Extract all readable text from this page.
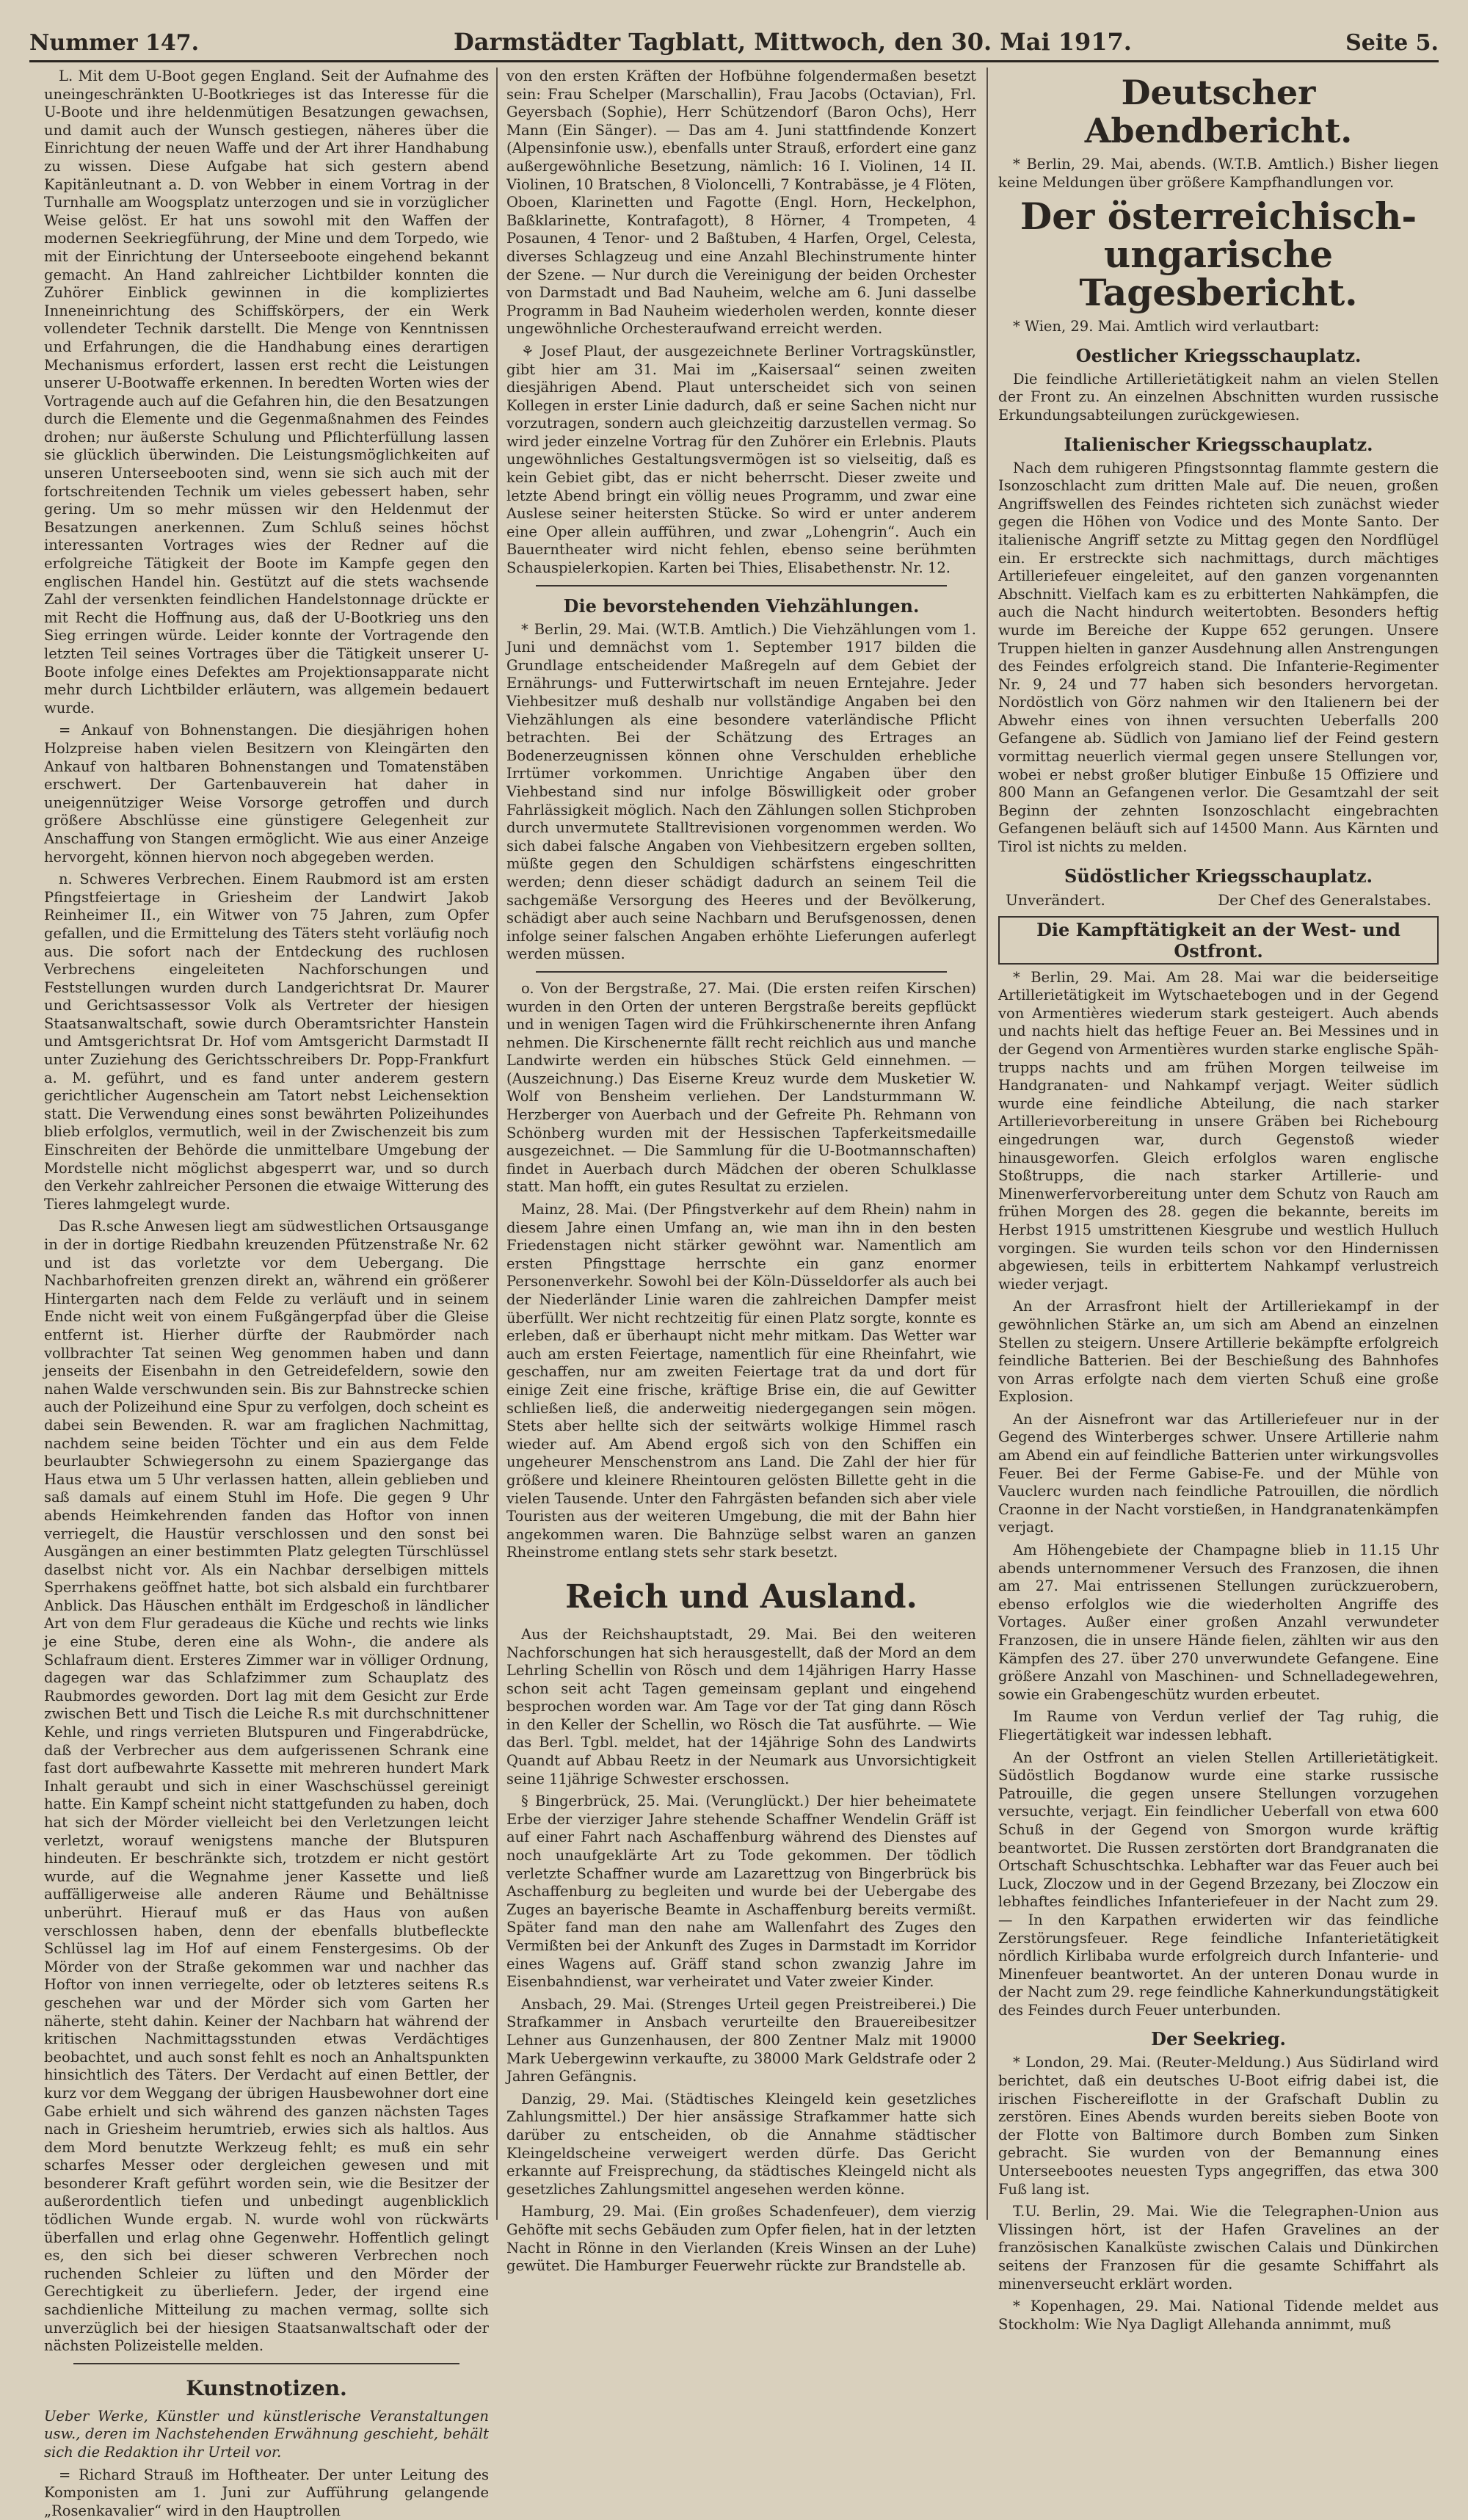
Nummer 147.	Darmstädter Tagblatt, Mittwoch, den 30. Mai 1917.	Seite 5.

L. Mit dem U-Boot gegen England. Seit der Aufnahme des uneingeschränkten U-Bootkrieges ist das Interesse für die U-Boote und ihre heldenmütigen Besatzungen gewachsen, und damit auch der Wunsch gestiegen, näheres über die Einrichtung der neuen Waffe und der Art ihrer Handhabung zu wissen. Diese Aufgabe hat sich gestern abend Kapitänleutnant a. D. von Webber in einem Vortrag in der Turnhalle am Woogsplatz unterzogen und sie in vorzüglicher Weise gelöst. Er hat uns sowohl mit den Waffen der modernen Seekriegführung, der Mine und dem Torpedo, wie mit der Einrichtung der Unterseeboote eingehend bekannt gemacht. An Hand zahlreicher Lichtbilder konnten die Zuhörer Einblick gewinnen in die kompliziertes Inneneinrichtung des Schiffskörpers, der ein Werk vollendeter Technik darstellt. Die Menge von Kenntnissen und Erfahrungen, die die Handhabung eines derartigen Mechanismus erfordert, lassen erst recht die Leistungen unserer U-Bootwaffe erkennen. In beredten Worten wies der Vortragende auch auf die Gefahren hin, die den Besatzungen durch die Elemente und die Gegenmaßnahmen des Feindes drohen; nur äußerste Schulung und Pflichterfüllung lassen sie glücklich überwinden. Die Leistungsmöglichkeiten auf unseren Unterseebooten sind, wenn sie sich auch mit der fortschreitenden Technik um vieles gebessert haben, sehr gering. Um so mehr müssen wir den Heldenmut der Besatzungen anerkennen. Zum Schluß seines höchst interessanten Vortrages wies der Redner auf die erfolgreiche Tätigkeit der Boote im Kampfe gegen den englischen Handel hin. Gestützt auf die stets wachsende Zahl der versenkten feindlichen Handelstonnage drückte er mit Recht die Hoffnung aus, daß der U-Bootkrieg uns den Sieg erringen würde. Leider konnte der Vortragende den letzten Teil seines Vortrages über die Tätigkeit unserer U-Boote infolge eines Defektes am Projektionsapparate nicht mehr durch Lichtbilder erläutern, was allgemein bedauert wurde.

= Ankauf von Bohnenstangen. Die diesjährigen hohen Holzpreise haben vielen Besitzern von Kleingärten den Ankauf von haltbaren Bohnenstangen und Tomatenstäben erschwert. Der Gartenbauverein hat daher in uneigennütziger Weise Vorsorge getroffen und durch größere Abschlüsse eine günstigere Gelegenheit zur Anschaffung von Stangen ermöglicht. Wie aus einer Anzeige hervorgeht, können hiervon noch abgegeben werden.

n. Schweres Verbrechen. Einem Raubmord ist am ersten Pfingstfeiertage in Griesheim der Landwirt Jakob Reinheimer II., ein Witwer von 75 Jahren, zum Opfer gefallen, und die Ermittelung des Täters steht vorläufig noch aus. Die sofort nach der Entdeckung des ruchlosen Verbrechens eingeleiteten Nachforschungen und Feststellungen wurden durch Landgerichtsrat Dr. Maurer und Gerichtsassessor Volk als Vertreter der hiesigen Staatsanwaltschaft, sowie durch Oberamtsrichter Hanstein und Amtsgerichtsrat Dr. Hof vom Amtsgericht Darmstadt II unter Zuziehung des Gerichtsschreibers Dr. Popp-Frankfurt a. M. geführt, und es fand unter anderem gestern gerichtlicher Augenschein am Tatort nebst Leichensektion statt. Die Verwendung eines sonst bewährten Polizeihundes blieb erfolglos, vermutlich, weil in der Zwischenzeit bis zum Einschreiten der Behörde die unmittelbare Umgebung der Mordstelle nicht möglichst abgesperrt war, und so durch den Verkehr zahlreicher Personen die etwaige Witterung des Tieres lahmgelegt wurde.

Das R.sche Anwesen liegt am südwestlichen Ortsausgange in der in dortige Riedbahn kreuzenden Pfützenstraße Nr. 62 und ist das vorletzte vor dem Uebergang. Die Nachbarhofreiten grenzen direkt an, während ein größerer Hintergarten nach dem Felde zu verläuft und in seinem Ende nicht weit von einem Fußgängerpfad über die Gleise entfernt ist. Hierher dürfte der Raubmörder nach vollbrachter Tat seinen Weg genommen haben und dann jenseits der Eisenbahn in den Getreidefeldern, sowie den nahen Walde verschwunden sein. Bis zur Bahnstrecke schien auch der Polizeihund eine Spur zu verfolgen, doch scheint es dabei sein Bewenden. R. war am fraglichen Nachmittag, nachdem seine beiden Töchter und ein aus dem Felde beurlaubter Schwiegersohn zu einem Spaziergange das Haus etwa um 5 Uhr verlassen hatten, allein geblieben und saß damals auf einem Stuhl im Hofe. Die gegen 9 Uhr abends Heimkehrenden fanden das Hoftor von innen verriegelt, die Haustür verschlossen und den sonst bei Ausgängen an einer bestimmten Platz gelegten Türschlüssel daselbst nicht vor. Als ein Nachbar derselbigen mittels Sperrhakens geöffnet hatte, bot sich alsbald ein furchtbarer Anblick. Das Häuschen enthält im Erdgeschoß in ländlicher Art von dem Flur geradeaus die Küche und rechts wie links je eine Stube, deren eine als Wohn-, die andere als Schlafraum dient. Ersteres Zimmer war in völliger Ordnung, dagegen war das Schlafzimmer zum Schauplatz des Raubmordes geworden. Dort lag mit dem Gesicht zur Erde zwischen Bett und Tisch die Leiche R.s mit durchschnittener Kehle, und rings verrieten Blutspuren und Fingerabdrücke, daß der Verbrecher aus dem aufgerissenen Schrank eine fast dort aufbewahrte Kassette mit mehreren hundert Mark Inhalt geraubt und sich in einer Waschschüssel gereinigt hatte. Ein Kampf scheint nicht stattgefunden zu haben, doch hat sich der Mörder vielleicht bei den Verletzungen leicht verletzt, worauf wenigstens manche der Blutspuren hindeuten. Er beschränkte sich, trotzdem er nicht gestört wurde, auf die Wegnahme jener Kassette und ließ auffälligerweise alle anderen Räume und Behältnisse unberührt. Hierauf muß er das Haus von außen verschlossen haben, denn der ebenfalls blutbefleckte Schlüssel lag im Hof auf einem Fenstergesims. Ob der Mörder von der Straße gekommen war und nachher das Hoftor von innen verriegelte, oder ob letzteres seitens R.s geschehen war und der Mörder sich vom Garten her näherte, steht dahin. Keiner der Nachbarn hat während der kritischen Nachmittagsstunden etwas Verdächtiges beobachtet, und auch sonst fehlt es noch an Anhaltspunkten hinsichtlich des Täters. Der Verdacht auf einen Bettler, der kurz vor dem Weggang der übrigen Hausbewohner dort eine Gabe erhielt und sich während des ganzen nächsten Tages nach in Griesheim herumtrieb, erwies sich als haltlos. Aus dem Mord benutzte Werkzeug fehlt; es muß ein sehr scharfes Messer oder dergleichen gewesen und mit besonderer Kraft geführt worden sein, wie die Besitzer der außerordentlich tiefen und unbedingt augenblicklich tödlichen Wunde ergab. N. wurde wohl von rückwärts überfallen und erlag ohne Gegenwehr. Hoffentlich gelingt es, den sich bei dieser schweren Verbrechen noch ruchenden Schleier zu lüften und den Mörder der Gerechtigkeit zu überliefern. Jeder, der irgend eine sachdienliche Mitteilung zu machen vermag, sollte sich unverzüglich bei der hiesigen Staatsanwaltschaft oder der nächsten Polizeistelle melden.

Kunstnotizen.

Ueber Werke, Künstler und künstlerische Veranstaltungen usw., deren im Nachstehenden Erwähnung geschieht, behält sich die Redaktion ihr Urteil vor.

= Richard Strauß im Hoftheater. Der unter Leitung des Komponisten am 1. Juni zur Aufführung gelangende „Rosenkavalier“ wird in den Hauptrollen

von den ersten Kräften der Hofbühne folgendermaßen besetzt sein: Frau Schelper (Marschallin), Frau Jacobs (Octavian), Frl. Geyersbach (Sophie), Herr Schützendorf (Baron Ochs), Herr Mann (Ein Sänger). — Das am 4. Juni stattfindende Konzert (Alpensinfonie usw.), ebenfalls unter Strauß, erfordert eine ganz außergewöhnliche Besetzung, nämlich: 16 I. Violinen, 14 II. Violinen, 10 Bratschen, 8 Violoncelli, 7 Kontrabässe, je 4 Flöten, Oboen, Klarinetten und Fagotte (Engl. Horn, Heckelphon, Baßklarinette, Kontrafagott), 8 Hörner, 4 Trompeten, 4 Posaunen, 4 Tenor- und 2 Baßtuben, 4 Harfen, Orgel, Celesta, diverses Schlagzeug und eine Anzahl Blechinstrumente hinter der Szene. — Nur durch die Vereinigung der beiden Orchester von Darmstadt und Bad Nauheim, welche am 6. Juni dasselbe Programm in Bad Nauheim wiederholen werden, konnte dieser ungewöhnliche Orchesteraufwand erreicht werden.

⚘ Josef Plaut, der ausgezeichnete Berliner Vortragskünstler, gibt hier am 31. Mai im „Kaisersaal“ seinen zweiten diesjährigen Abend. Plaut unterscheidet sich von seinen Kollegen in erster Linie dadurch, daß er seine Sachen nicht nur vorzutragen, sondern auch gleichzeitig darzustellen vermag. So wird jeder einzelne Vortrag für den Zuhörer ein Erlebnis. Plauts ungewöhnliches Gestaltungsvermögen ist so vielseitig, daß es kein Gebiet gibt, das er nicht beherrscht. Dieser zweite und letzte Abend bringt ein völlig neues Programm, und zwar eine Auslese seiner heitersten Stücke. So wird er unter anderem eine Oper allein aufführen, und zwar „Lohengrin“. Auch ein Bauerntheater wird nicht fehlen, ebenso seine berühmten Schauspielerkopien. Karten bei Thies, Elisabethenstr. Nr. 12.

Die bevorstehenden Viehzählungen.

* Berlin, 29. Mai. (W.T.B. Amtlich.) Die Viehzählungen vom 1. Juni und demnächst vom 1. September 1917 bilden die Grundlage entscheidender Maßregeln auf dem Gebiet der Ernährungs- und Futterwirtschaft im neuen Erntejahre. Jeder Viehbesitzer muß deshalb nur vollständige Angaben bei den Viehzählungen als eine besondere vaterländische Pflicht betrachten. Bei der Schätzung des Ertrages an Bodenerzeugnissen können ohne Verschulden erhebliche Irrtümer vorkommen. Unrichtige Angaben über den Viehbestand sind nur infolge Böswilligkeit oder grober Fahrlässigkeit möglich. Nach den Zählungen sollen Stichproben durch unvermutete Stalltrevisionen vorgenommen werden. Wo sich dabei falsche Angaben von Viehbesitzern ergeben sollten, müßte gegen den Schuldigen schärfstens eingeschritten werden; denn dieser schädigt dadurch an seinem Teil die sachgemäße Versorgung des Heeres und der Bevölkerung, schädigt aber auch seine Nachbarn und Berufsgenossen, denen infolge seiner falschen Angaben erhöhte Lieferungen auferlegt werden müssen.

o. Von der Bergstraße, 27. Mai. (Die ersten reifen Kirschen) wurden in den Orten der unteren Bergstraße bereits gepflückt und in wenigen Tagen wird die Frühkirschenernte ihren Anfang nehmen. Die Kirschenernte fällt recht reichlich aus und manche Landwirte werden ein hübsches Stück Geld einnehmen. — (Auszeichnung.) Das Eiserne Kreuz wurde dem Musketier W. Wolf von Bensheim verliehen. Der Landsturmmann W. Herzberger von Auerbach und der Gefreite Ph. Rehmann von Schönberg wurden mit der Hessischen Tapferkeitsmedaille ausgezeichnet. — Die Sammlung für die U-Bootmannschaften) findet in Auerbach durch Mädchen der oberen Schulklasse statt. Man hofft, ein gutes Resultat zu erzielen.

Mainz, 28. Mai. (Der Pfingstverkehr auf dem Rhein) nahm in diesem Jahre einen Umfang an, wie man ihn in den besten Friedenstagen nicht stärker gewöhnt war. Namentlich am ersten Pfingsttage herrschte ein ganz enormer Personenverkehr. Sowohl bei der Köln-Düsseldorfer als auch bei der Niederländer Linie waren die zahlreichen Dampfer meist überfüllt. Wer nicht rechtzeitig für einen Platz sorgte, konnte es erleben, daß er überhaupt nicht mehr mitkam. Das Wetter war auch am ersten Feiertage, namentlich für eine Rheinfahrt, wie geschaffen, nur am zweiten Feiertage trat da und dort für einige Zeit eine frische, kräftige Brise ein, die auf Gewitter schließen ließ, die anderweitig niedergegangen sein mögen. Stets aber hellte sich der seitwärts wolkige Himmel rasch wieder auf. Am Abend ergoß sich von den Schiffen ein ungeheurer Menschenstrom ans Land. Die Zahl der hier für größere und kleinere Rheintouren gelösten Billette geht in die vielen Tausende. Unter den Fahrgästen befanden sich aber viele Touristen aus der weiteren Umgebung, die mit der Bahn hier angekommen waren. Die Bahnzüge selbst waren an ganzen Rheinstrome entlang stets sehr stark besetzt.

Reich und Ausland.

Aus der Reichshauptstadt, 29. Mai. Bei den weiteren Nachforschungen hat sich herausgestellt, daß der Mord an dem Lehrling Schellin von Rösch und dem 14jährigen Harry Hasse schon seit acht Tagen gemeinsam geplant und eingehend besprochen worden war. Am Tage vor der Tat ging dann Rösch in den Keller der Schellin, wo Rösch die Tat ausführte. — Wie das Berl. Tgbl. meldet, hat der 14jährige Sohn des Landwirts Quandt auf Abbau Reetz in der Neumark aus Unvorsichtigkeit seine 11jährige Schwester erschossen.

§ Bingerbrück, 25. Mai. (Verunglückt.) Der hier beheimatete Erbe der vierziger Jahre stehende Schaffner Wendelin Gräff ist auf einer Fahrt nach Aschaffenburg während des Dienstes auf noch unaufgeklärte Art zu Tode gekommen. Der tödlich verletzte Schaffner wurde am Lazarettzug von Bingerbrück bis Aschaffenburg zu begleiten und wurde bei der Uebergabe des Zuges an bayerische Beamte in Aschaffenburg bereits vermißt. Später fand man den nahe am Wallenfahrt des Zuges den Vermißten bei der Ankunft des Zuges in Darmstadt im Korridor eines Wagens auf. Gräff stand schon zwanzig Jahre im Eisenbahndienst, war verheiratet und Vater zweier Kinder.

Ansbach, 29. Mai. (Strenges Urteil gegen Preistreiberei.) Die Strafkammer in Ansbach verurteilte den Brauereibesitzer Lehner aus Gunzenhausen, der 800 Zentner Malz mit 19000 Mark Uebergewinn verkaufte, zu 38000 Mark Geldstrafe oder 2 Jahren Gefängnis.

Danzig, 29. Mai. (Städtisches Kleingeld kein gesetzliches Zahlungsmittel.) Der hier ansässige Strafkammer hatte sich darüber zu entscheiden, ob die Annahme städtischer Kleingeldscheine verweigert werden dürfe. Das Gericht erkannte auf Freisprechung, da städtisches Kleingeld nicht als gesetzliches Zahlungsmittel angesehen werden könne.

Hamburg, 29. Mai. (Ein großes Schadenfeuer), dem vierzig Gehöfte mit sechs Gebäuden zum Opfer fielen, hat in der letzten Nacht in Rönne in den Vierlanden (Kreis Winsen an der Luhe) gewütet. Die Hamburger Feuerwehr rückte zur Brandstelle ab.

Deutscher Abendbericht.

* Berlin, 29. Mai, abends. (W.T.B. Amtlich.) Bisher liegen keine Meldungen über größere Kampfhandlungen vor.

Der österreichisch-ungarische Tagesbericht.

* Wien, 29. Mai. Amtlich wird verlautbart:

Oestlicher Kriegsschauplatz.

Die feindliche Artillerietätigkeit nahm an vielen Stellen der Front zu. An einzelnen Abschnitten wurden russische Erkundungsabteilungen zurückgewiesen.

Italienischer Kriegsschauplatz.

Nach dem ruhigeren Pfingstsonntag flammte gestern die Isonzoschlacht zum dritten Male auf. Die neuen, großen Angriffswellen des Feindes richteten sich zunächst wieder gegen die Höhen von Vodice und des Monte Santo. Der italienische Angriff setzte zu Mittag gegen den Nordflügel ein. Er erstreckte sich nachmittags, durch mächtiges Artilleriefeuer eingeleitet, auf den ganzen vorgenannten Abschnitt. Vielfach kam es zu erbitterten Nahkämpfen, die auch die Nacht hindurch weitertobten. Besonders heftig wurde im Bereiche der Kuppe 652 gerungen. Unsere Truppen hielten in ganzer Ausdehnung allen Anstrengungen des Feindes erfolgreich stand. Die Infanterie-Regimenter Nr. 9, 24 und 77 haben sich besonders hervorgetan. Nordöstlich von Görz nahmen wir den Italienern bei der Abwehr eines von ihnen versuchten Ueberfalls 200 Gefangene ab. Südlich von Jamiano lief der Feind gestern vormittag neuerlich viermal gegen unsere Stellungen vor, wobei er nebst großer blutiger Einbuße 15 Offiziere und 800 Mann an Gefangenen verlor. Die Gesamtzahl der seit Beginn der zehnten Isonzoschlacht eingebrachten Gefangenen beläuft sich auf 14500 Mann. Aus Kärnten und Tirol ist nichts zu melden.

Südöstlicher Kriegsschauplatz.
Unverändert.	Der Chef des Generalstabes.
Die Kampftätigkeit an der West- und Ostfront.

* Berlin, 29. Mai. Am 28. Mai war die beiderseitige Artillerietätigkeit im Wytschaetebogen und in der Gegend von Armentières wiederum stark gesteigert. Auch abends und nachts hielt das heftige Feuer an. Bei Messines und in der Gegend von Armentières wurden starke englische Spähtrupps nachts und am frühen Morgen teilweise im Handgranaten- und Nahkampf verjagt. Weiter südlich wurde eine feindliche Abteilung, die nach starker Artillerievorbereitung in unsere Gräben bei Richebourg eingedrungen war, durch Gegenstoß wieder hinausgeworfen. Gleich erfolglos waren englische Stoßtrupps, die nach starker Artillerie- und Minenwerfervorbereitung unter dem Schutz von Rauch am frühen Morgen des 28. gegen die bekannte, bereits im Herbst 1915 umstrittenen Kiesgrube und westlich Hulluch vorgingen. Sie wurden teils schon vor den Hindernissen abgewiesen, teils in erbittertem Nahkampf verlustreich wieder verjagt.

An der Arrasfront hielt der Artilleriekampf in der gewöhnlichen Stärke an, um sich am Abend an einzelnen Stellen zu steigern. Unsere Artillerie bekämpfte erfolgreich feindliche Batterien. Bei der Beschießung des Bahnhofes von Arras erfolgte nach dem vierten Schuß eine große Explosion.

An der Aisnefront war das Artilleriefeuer nur in der Gegend des Winterberges schwer. Unsere Artillerie nahm am Abend ein auf feindliche Batterien unter wirkungsvolles Feuer. Bei der Ferme Gabise-Fe. und der Mühle von Vauclerc wurden nach feindliche Patrouillen, die nördlich Craonne in der Nacht vorstießen, in Handgranatenkämpfen verjagt.

Am Höhengebiete der Champagne blieb in 11.15 Uhr abends unternommener Versuch des Franzosen, die ihnen am 27. Mai entrissenen Stellungen zurückzuerobern, ebenso erfolglos wie die wiederholten Angriffe des Vortages. Außer einer großen Anzahl verwundeter Franzosen, die in unsere Hände fielen, zählten wir aus den Kämpfen des 27. über 270 unverwundete Gefangene. Eine größere Anzahl von Maschinen- und Schnelladegewehren, sowie ein Grabengeschütz wurden erbeutet.

Im Raume von Verdun verlief der Tag ruhig, die Fliegertätigkeit war indessen lebhaft.

An der Ostfront an vielen Stellen Artillerietätigkeit. Südöstlich Bogdanow wurde eine starke russische Patrouille, die gegen unsere Stellungen vorzugehen versuchte, verjagt. Ein feindlicher Ueberfall von etwa 600 Schuß in der Gegend von Smorgon wurde kräftig beantwortet. Die Russen zerstörten dort Brandgranaten die Ortschaft Schuschtschka. Lebhafter war das Feuer auch bei Luck, Zloczow und in der Gegend Brzezany, bei Zloczow ein lebhaftes feindliches Infanteriefeuer in der Nacht zum 29. — In den Karpathen erwiderten wir das feindliche Zerstörungsfeuer. Rege feindliche Infanterietätigkeit nördlich Kirlibaba wurde erfolgreich durch Infanterie- und Minenfeuer beantwortet. An der unteren Donau wurde in der Nacht zum 29. rege feindliche Kahnerkundungstätigkeit des Feindes durch Feuer unterbunden.

Der Seekrieg.

* London, 29. Mai. (Reuter-Meldung.) Aus Südirland wird berichtet, daß ein deutsches U-Boot eifrig dabei ist, die irischen Fischereiflotte in der Grafschaft Dublin zu zerstören. Eines Abends wurden bereits sieben Boote von der Flotte von Baltimore durch Bomben zum Sinken gebracht. Sie wurden von der Bemannung eines Unterseebootes neuesten Typs angegriffen, das etwa 300 Fuß lang ist.

T.U. Berlin, 29. Mai. Wie die Telegraphen-Union aus Vlissingen hört, ist der Hafen Gravelines an der französischen Kanalküste zwischen Calais und Dünkirchen seitens der Franzosen für die gesamte Schiffahrt als minenverseucht erklärt worden.

* Kopenhagen, 29. Mai. National Tidende meldet aus Stockholm: Wie Nya Dagligt Allehanda annimmt, muß
